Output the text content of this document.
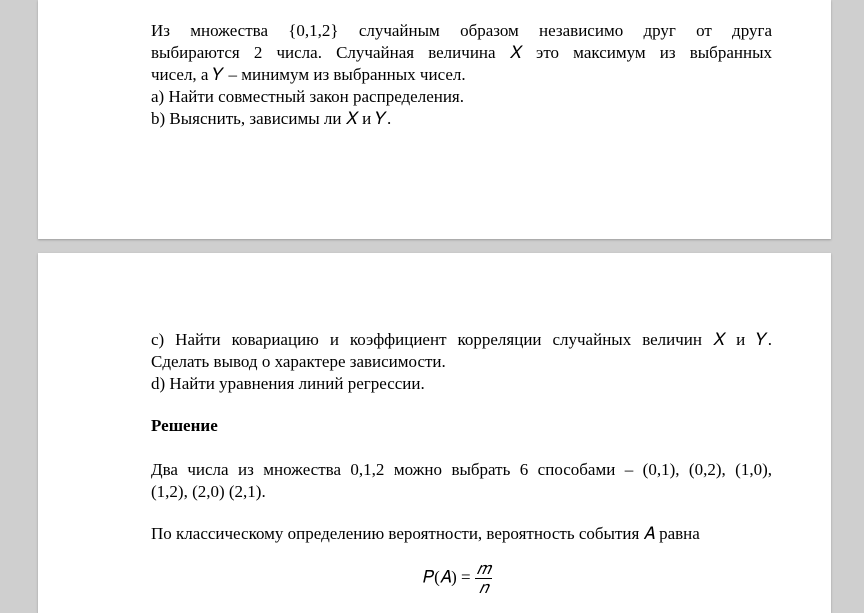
Из множества {0,1,2} случайным образом независимо друг от друга
выбираются 2 числа. Случайная величина 𝑋 это максимум из выбранных
чисел, а 𝑌 – минимум из выбранных чисел.
a) Найти совместный закон распределения.
b) Выяснить, зависимы ли 𝑋 и 𝑌.
c) Найти ковариацию и коэффициент корреляции случайных величин 𝑋 и 𝑌.
Сделать вывод о характере зависимости.
d) Найти уравнения линий регрессии.
Решение
Два числа из множества 0,1,2 можно выбрать 6 способами – (0,1), (0,2), (1,0),
(1,2), (2,0) (2,1).
По классическому определению вероятности, вероятность события 𝐴 равна
𝑃(𝐴) = $\frac{\text{𝑚}}{\text{𝑛}}$
